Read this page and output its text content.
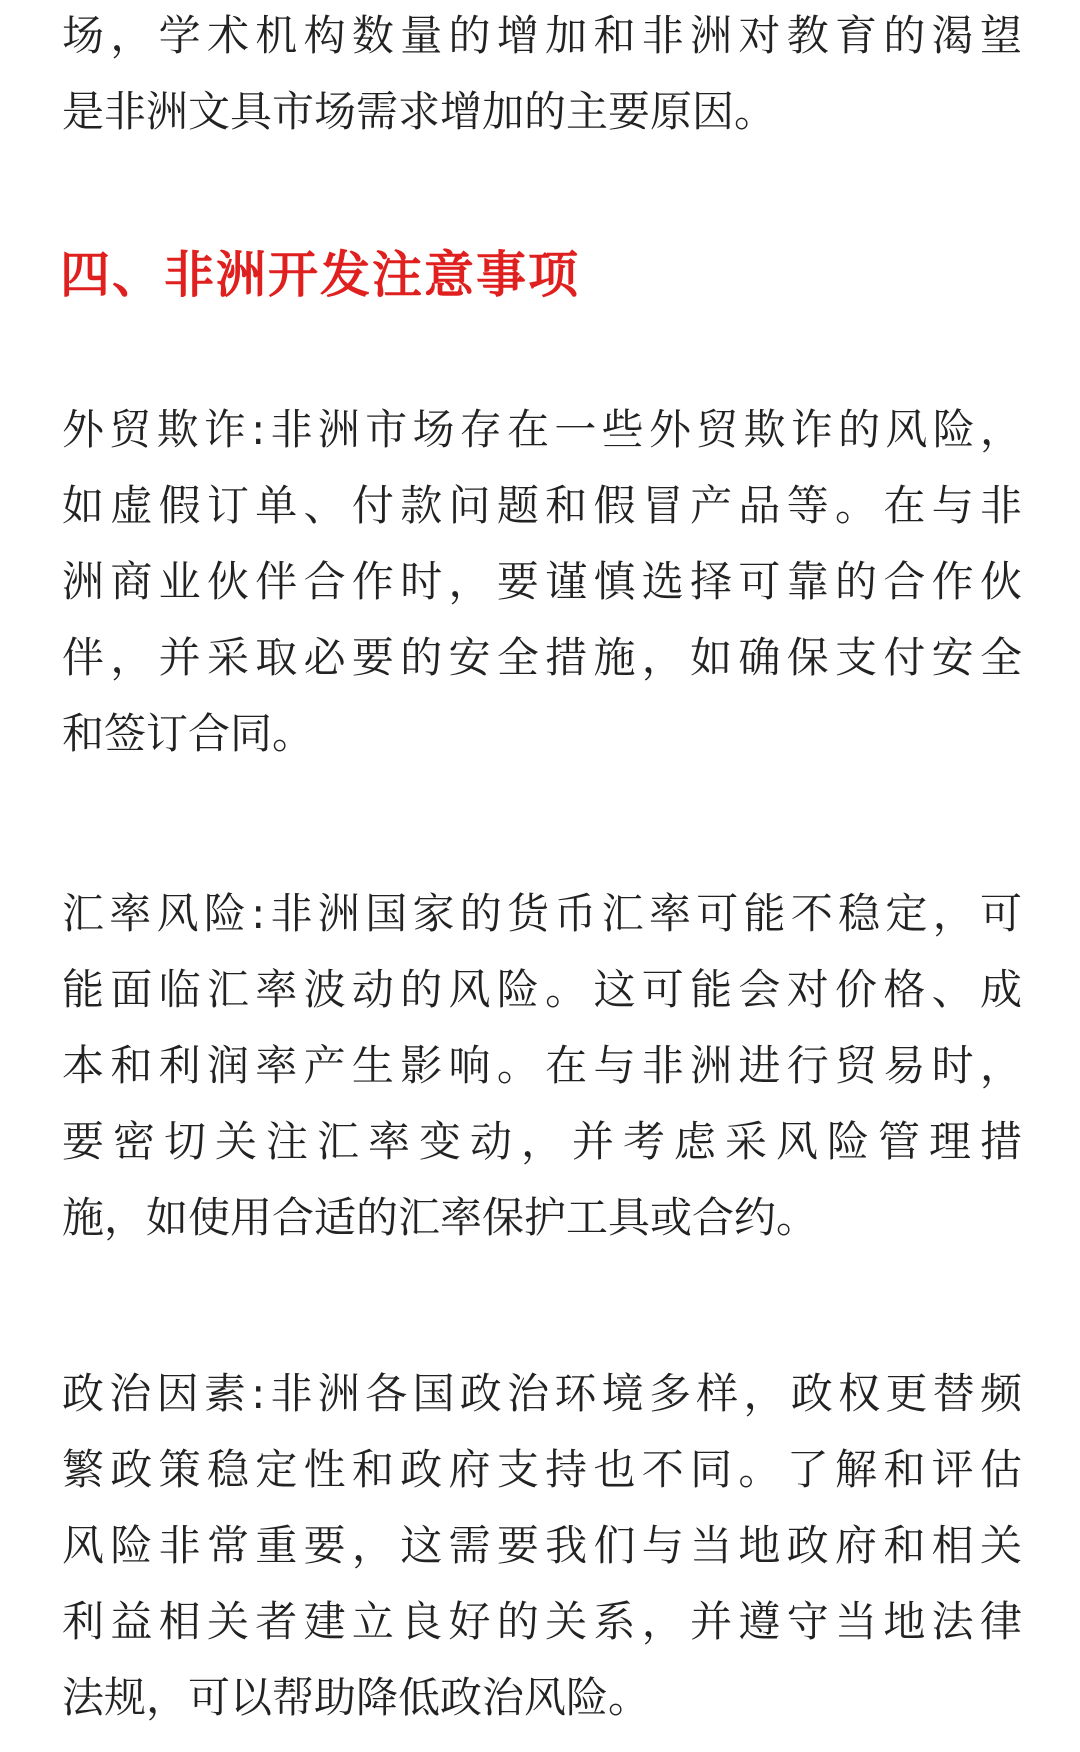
场，学术机构数量的增加和非洲对教育的渴望
是非洲文具市场需求增加的主要原因。
四、非洲开发注意事项
外贸欺诈:非洲市场存在一些外贸欺诈的风险，
如虚假订单、付款问题和假冒产品等。在与非
洲商业伙伴合作时，要谨慎选择可靠的合作伙
伴，并采取必要的安全措施，如确保支付安全
和签订合同。
汇率风险:非洲国家的货币汇率可能不稳定，可
能面临汇率波动的风险。这可能会对价格、成
本和利润率产生影响。在与非洲进行贸易时，
要密切关注汇率变动，并考虑采风险管理措
施，如使用合适的汇率保护工具或合约。
政治因素:非洲各国政治环境多样，政权更替频
繁政策稳定性和政府支持也不同。了解和评估
风险非常重要，这需要我们与当地政府和相关
利益相关者建立良好的关系，并遵守当地法律
法规，可以帮助降低政治风险。
